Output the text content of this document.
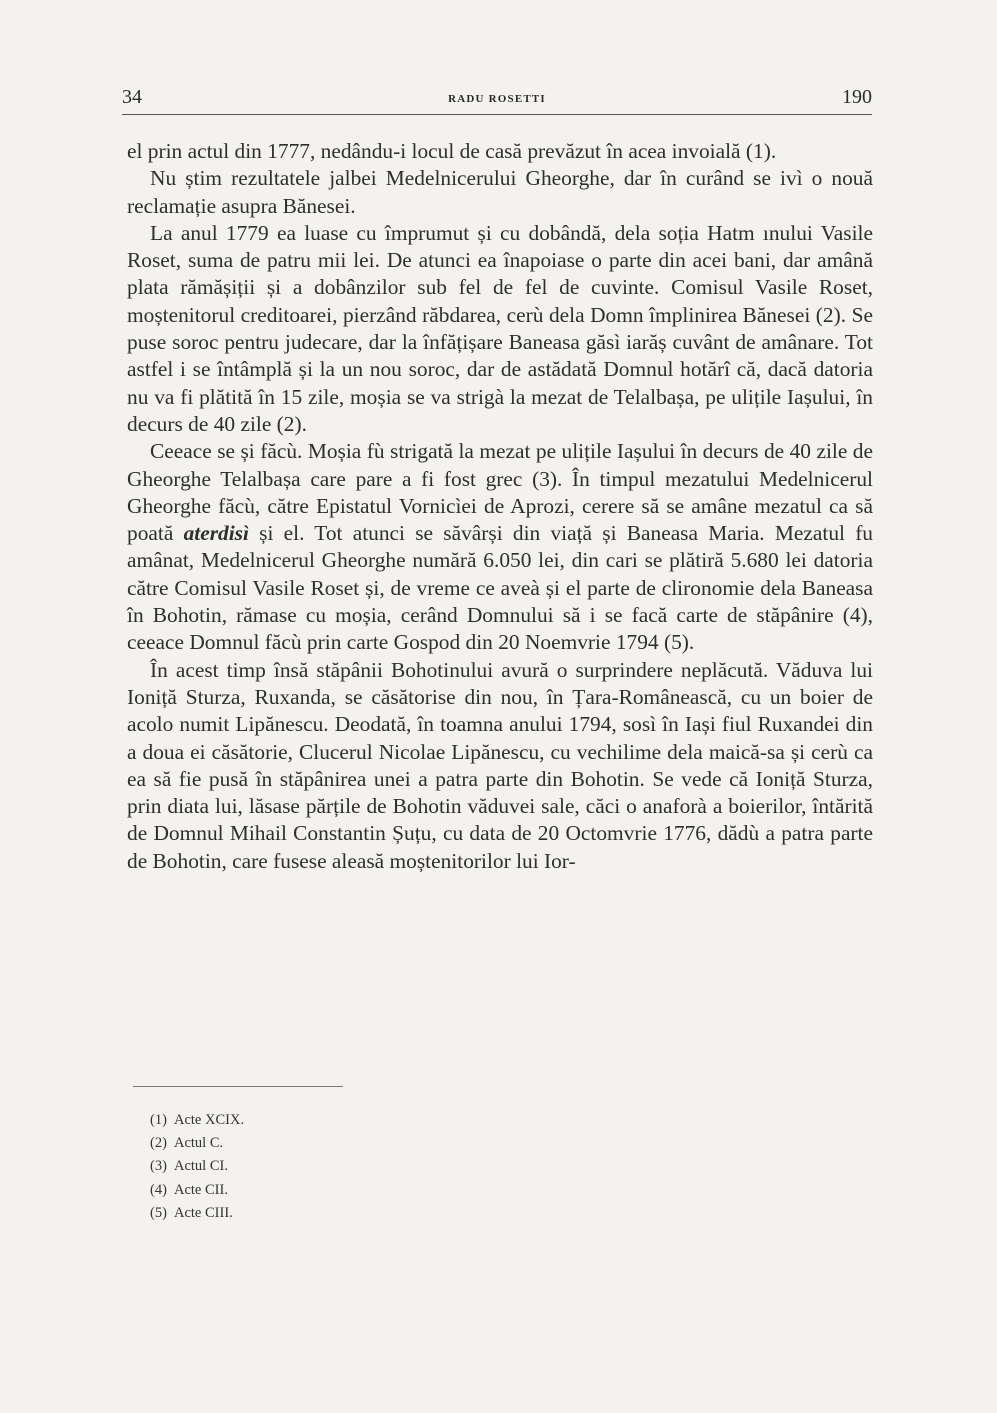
34	RADU ROSETTI	190

el prin actul din 1777, nedându-i locul de casă prevăzut în acea invoială (1).

Nu știm rezultatele jalbei Medelnicerului Gheorghe, dar în curând se ivì o nouă reclamație asupra Bănesei.

La anul 1779 ea luase cu împrumut și cu dobândă, dela soția Hatm ınului Vasile Roset, suma de patru mii lei. De atunci ea înapoiase o parte din acei bani, dar amână plata rămășiții și a dobânzilor sub fel de fel de cuvinte. Comisul Vasile Roset, moștenitorul creditoarei, pierzând răbdarea, cerù dela Domn împlinirea Bănesei (2). Se puse soroc pentru judecare, dar la înfățișare Baneasa găsì iarăș cuvânt de amânare. Tot astfel i se întâmplă și la un nou soroc, dar de astădată Domnul hotărî că, dacă datoria nu va fi plătită în 15 zile, moșia se va strigà la mezat de Telalbașa, pe ulițile Iașului, în decurs de 40 zile (2).

Ceeace se și făcù. Moșia fù strigată la mezat pe ulițile Iașului în decurs de 40 zile de Gheorghe Telalbașa care pare a fi fost grec (3). În timpul mezatului Medelnicerul Gheorghe făcù, către Epistatul Vornicìei de Aprozi, cerere să se amâne mezatul ca să poată aterdisì și el. Tot atunci se săvârși din viață și Baneasa Maria. Mezatul fu amânat, Medelnicerul Gheorghe numără 6.050 lei, din cari se plătiră 5.680 lei datoria către Comisul Vasile Roset și, de vreme ce aveà și el parte de clironomie dela Baneasa în Bohotin, rămase cu moșia, cerând Domnului să i se facă carte de stăpânire (4), ceeace Domnul făcù prin carte Gospod din 20 Noemvrie 1794 (5).

În acest timp însă stăpânii Bohotinului avură o surprindere neplăcută. Văduva lui Ioniță Sturza, Ruxanda, se căsătorise din nou, în Țara-Românească, cu un boier de acolo numit Lipănescu. Deodată, în toamna anului 1794, sosì în Iași fiul Ruxandei din a doua ei căsătorie, Clucerul Nicolae Lipănescu, cu vechilime dela maică-sa și cerù ca ea să fie pusă în stăpânirea unei a patra parte din Bohotin. Se vede că Ioniță Sturza, prin diata lui, lăsase părțile de Bohotin văduvei sale, căci o anaforà a boierilor, întărită de Domnul Mihail Constantin Șuțu, cu data de 20 Octomvrie 1776, dădù a patra parte de Bohotin, care fusese aleasă moștenitorilor lui Ior-

(1) Acte XCIX.
(2) Actul C.
(3) Actul CI.
(4) Acte CII.
(5) Acte CIII.
